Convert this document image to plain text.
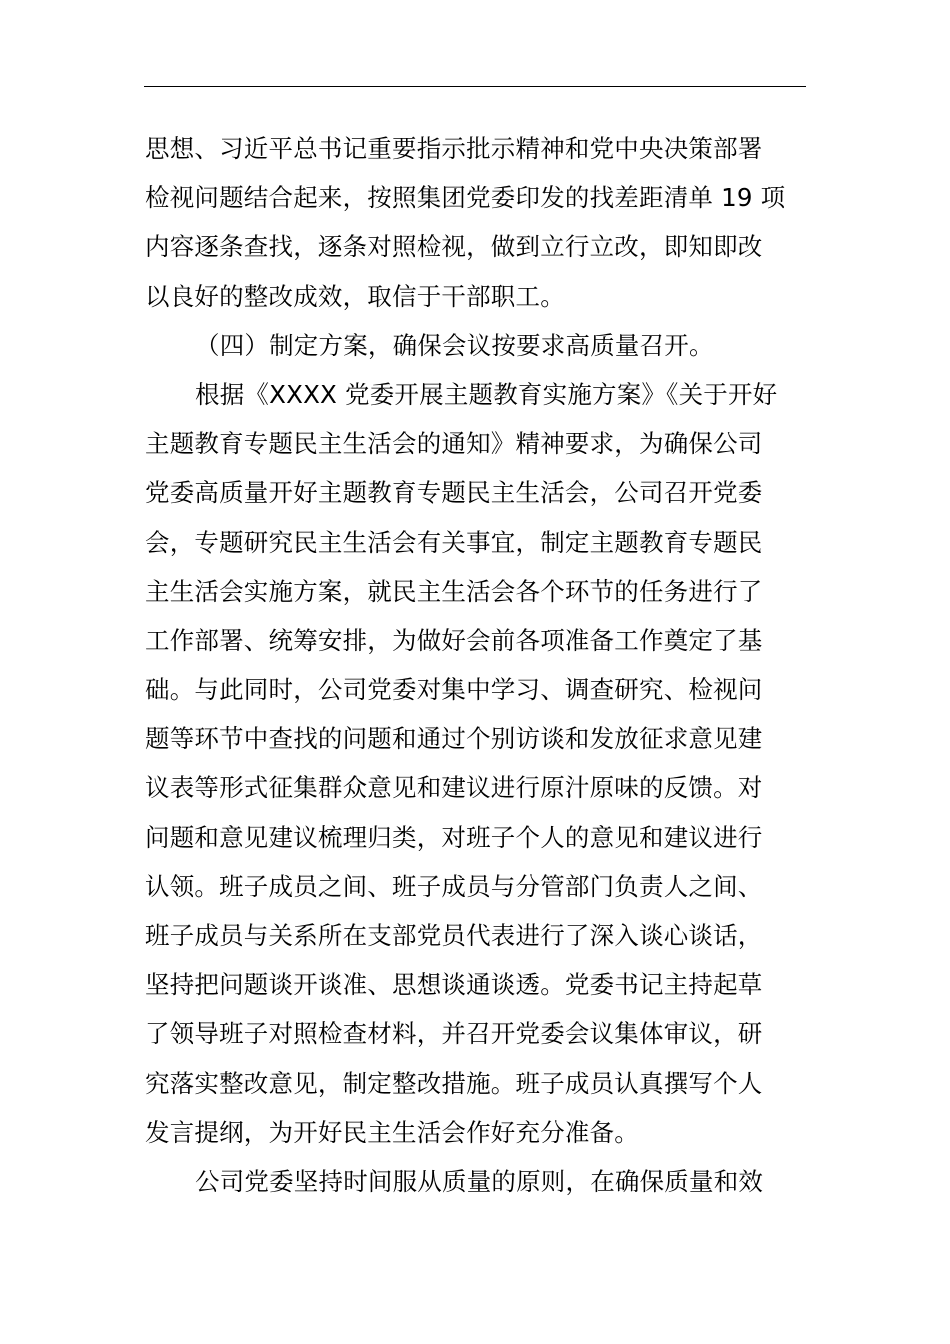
思想、习近平总书记重要指示批示精神和党中央决策部署
检视问题结合起来，按照集团党委印发的找差距清单 19 项
内容逐条查找，逐条对照检视，做到立行立改，即知即改
以良好的整改成效，取信于干部职工。
（四）制定方案，确保会议按要求高质量召开。
根据《XXXX 党委开展主题教育实施方案》《关于开好
主题教育专题民主生活会的通知》精神要求，为确保公司
党委高质量开好主题教育专题民主生活会，公司召开党委
会，专题研究民主生活会有关事宜，制定主题教育专题民
主生活会实施方案，就民主生活会各个环节的任务进行了
工作部署、统筹安排，为做好会前各项准备工作奠定了基
础。与此同时，公司党委对集中学习、调查研究、检视问
题等环节中查找的问题和通过个别访谈和发放征求意见建
议表等形式征集群众意见和建议进行原汁原味的反馈。对
问题和意见建议梳理归类，对班子个人的意见和建议进行
认领。班子成员之间、班子成员与分管部门负责人之间、
班子成员与关系所在支部党员代表进行了深入谈心谈话，
坚持把问题谈开谈准、思想谈通谈透。党委书记主持起草
了领导班子对照检查材料，并召开党委会议集体审议，研
究落实整改意见，制定整改措施。班子成员认真撰写个人
发言提纲，为开好民主生活会作好充分准备。
公司党委坚持时间服从质量的原则，在确保质量和效
